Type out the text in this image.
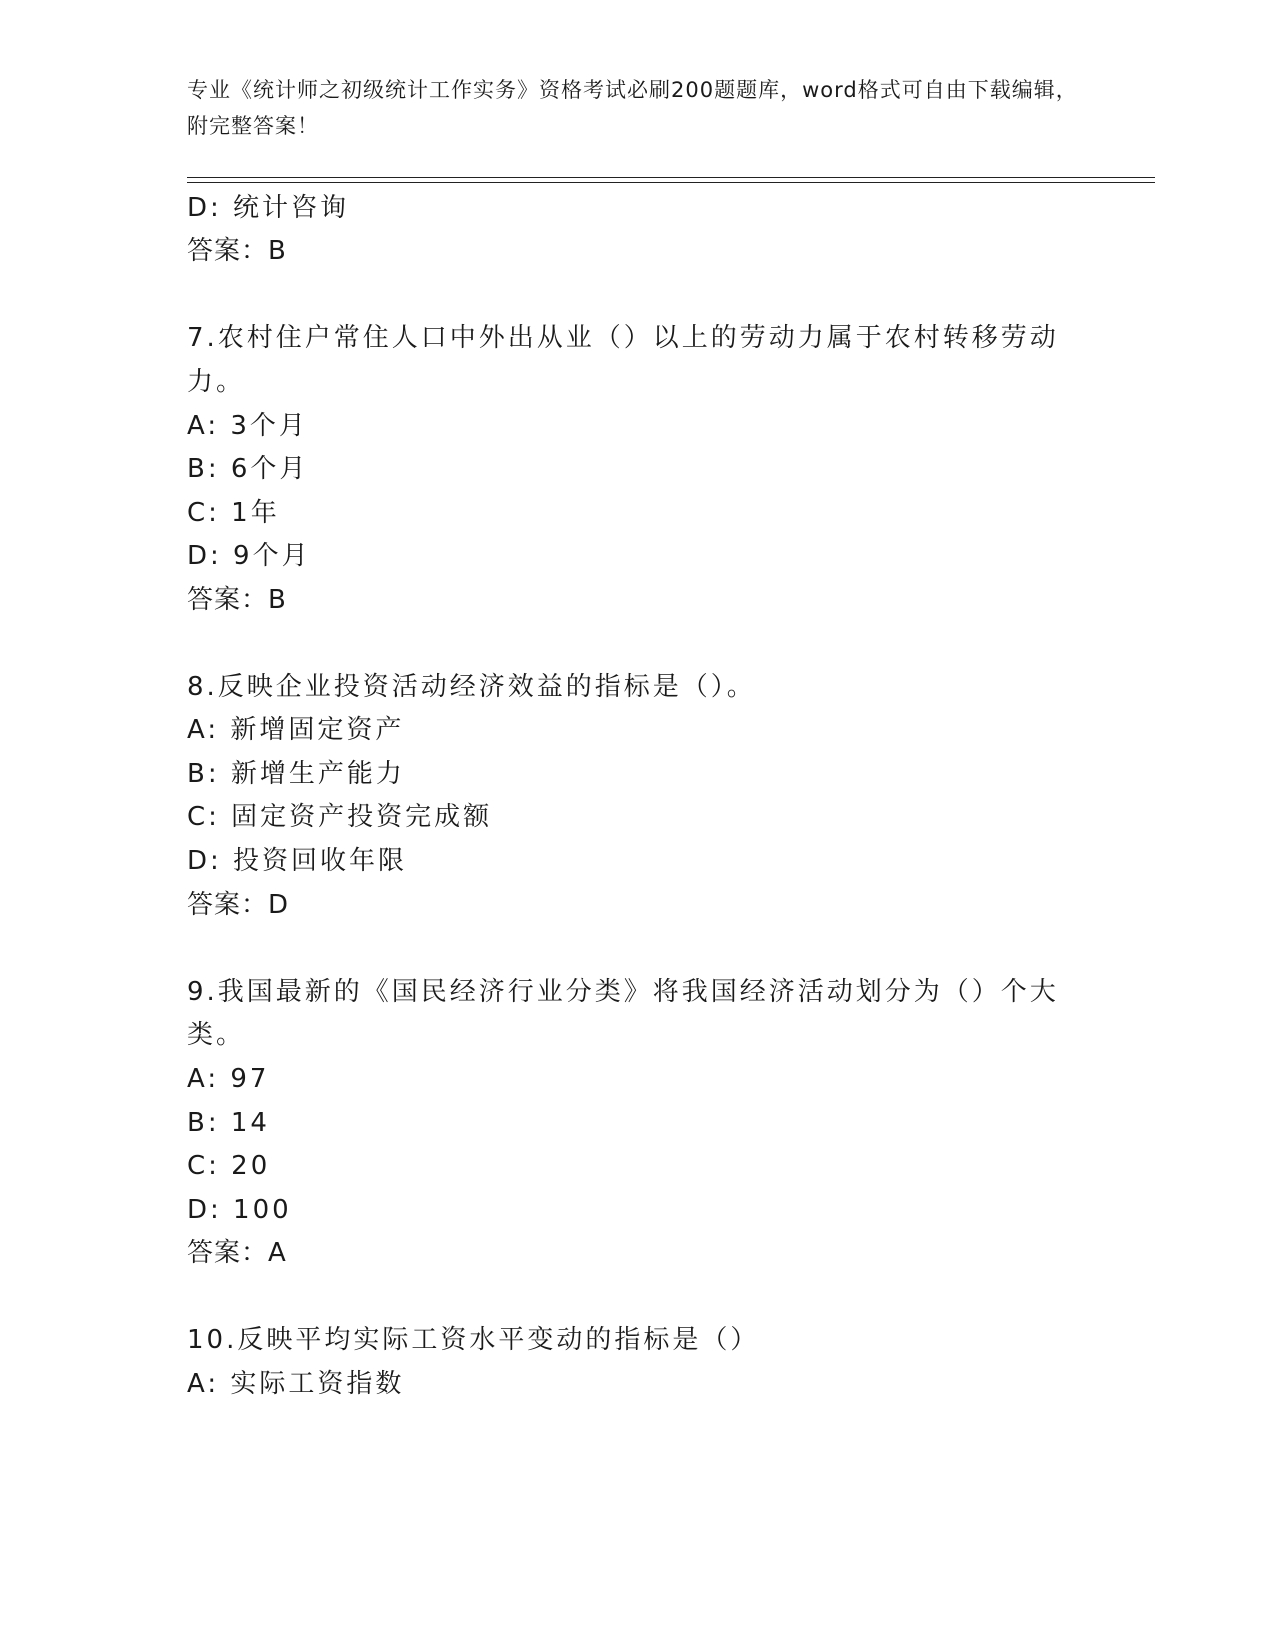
专业《统计师之初级统计工作实务》资格考试必刷200题题库，word格式可自由下载编辑，附完整答案！
D: 统计咨询
答案：B
7.农村住户常住人口中外出从业（）以上的劳动力属于农村转移劳动
力。
A: 3个月
B: 6个月
C: 1年
D: 9个月
答案：B
8.反映企业投资活动经济效益的指标是（）。
A: 新增固定资产
B: 新增生产能力
C: 固定资产投资完成额
D: 投资回收年限
答案：D
9.我国最新的《国民经济行业分类》将我国经济活动划分为（）个大
类。
A: 97
B: 14
C: 20
D: 100
答案：A
10.反映平均实际工资水平变动的指标是（）
A: 实际工资指数
